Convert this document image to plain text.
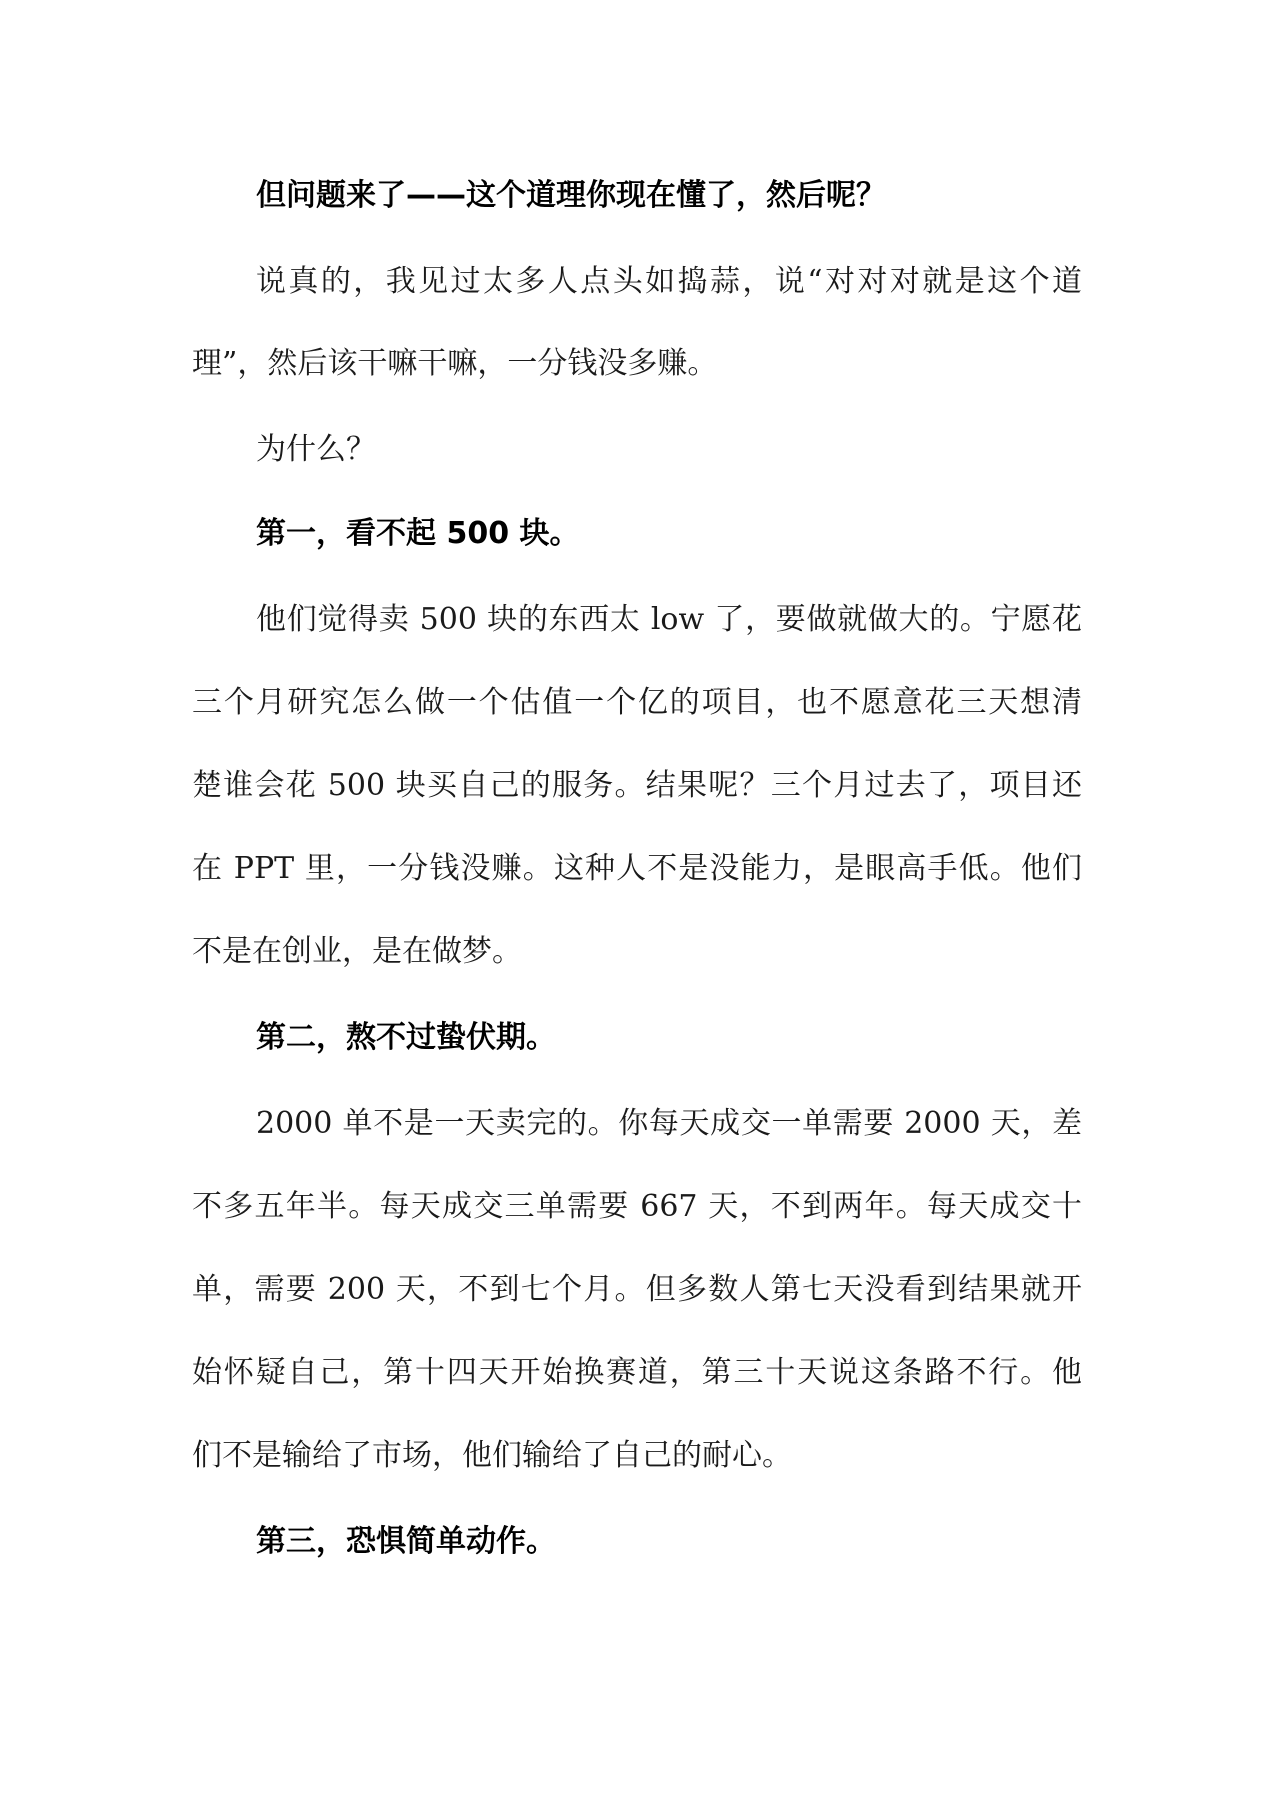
但问题来了——这个道理你现在懂了，然后呢？
说真的，我见过太多人点头如捣蒜，说“对对对就是这个道
理”，然后该干嘛干嘛，一分钱没多赚。
为什么？
第一，看不起 500 块。
他们觉得卖 500 块的东西太 low 了，要做就做大的。宁愿花
三个月研究怎么做一个估值一个亿的项目，也不愿意花三天想清
楚谁会花 500 块买自己的服务。结果呢？三个月过去了，项目还
在 PPT 里，一分钱没赚。这种人不是没能力，是眼高手低。他们
不是在创业，是在做梦。
第二，熬不过蛰伏期。
2000 单不是一天卖完的。你每天成交一单需要 2000 天，差
不多五年半。每天成交三单需要 667 天，不到两年。每天成交十
单，需要 200 天，不到七个月。但多数人第七天没看到结果就开
始怀疑自己，第十四天开始换赛道，第三十天说这条路不行。他
们不是输给了市场，他们输给了自己的耐心。
第三，恐惧简单动作。
